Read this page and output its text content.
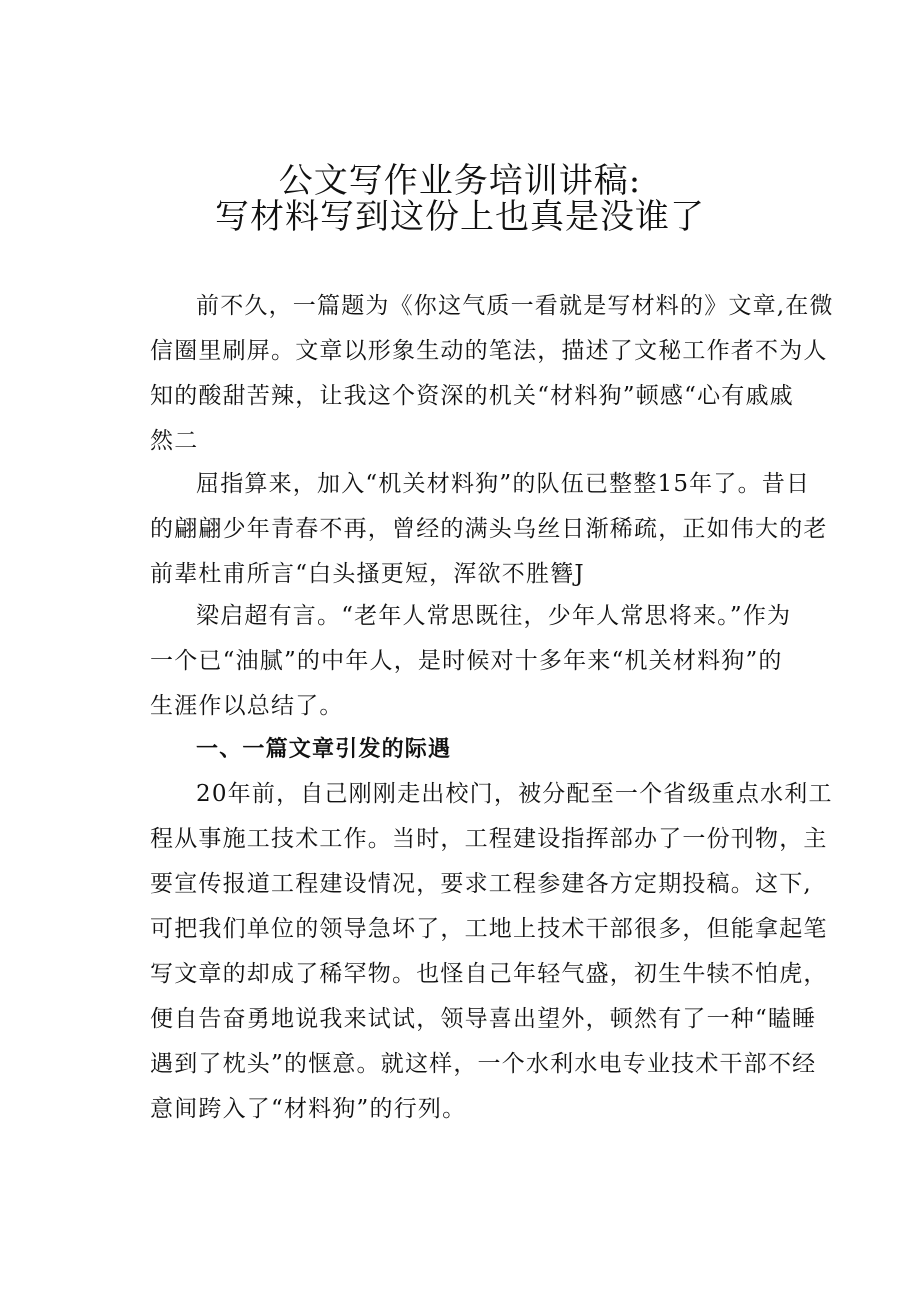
公文写作业务培训讲稿:
写材料写到这份上也真是没谁了
前不久，一篇题为《你这气质一看就是写材料的》文章,在微
信圈里刷屏。文章以形象生动的笔法，描述了文秘工作者不为人
知的酸甜苦辣，让我这个资深的机关“材料狗”顿感“心有戚戚
然二
屈指算来，加入“机关材料狗”的队伍已整整15年了。昔日
的翩翩少年青春不再，曾经的满头乌丝日渐稀疏，正如伟大的老
前辈杜甫所言“白头搔更短，浑欲不胜簪J
梁启超有言。“老年人常思既往，少年人常思将来。”作为
一个已“油腻”的中年人，是时候对十多年来“机关材料狗”的
生涯作以总结了。
一、一篇文章引发的际遇
20年前，自己刚刚走出校门，被分配至一个省级重点水利工
程从事施工技术工作。当时，工程建设指挥部办了一份刊物，主
要宣传报道工程建设情况，要求工程参建各方定期投稿。这下,
可把我们单位的领导急坏了，工地上技术干部很多，但能拿起笔
写文章的却成了稀罕物。也怪自己年轻气盛，初生牛犊不怕虎，
便自告奋勇地说我来试试，领导喜出望外，顿然有了一种“瞌睡
遇到了枕头”的惬意。就这样，一个水利水电专业技术干部不经
意间跨入了“材料狗”的行列。
